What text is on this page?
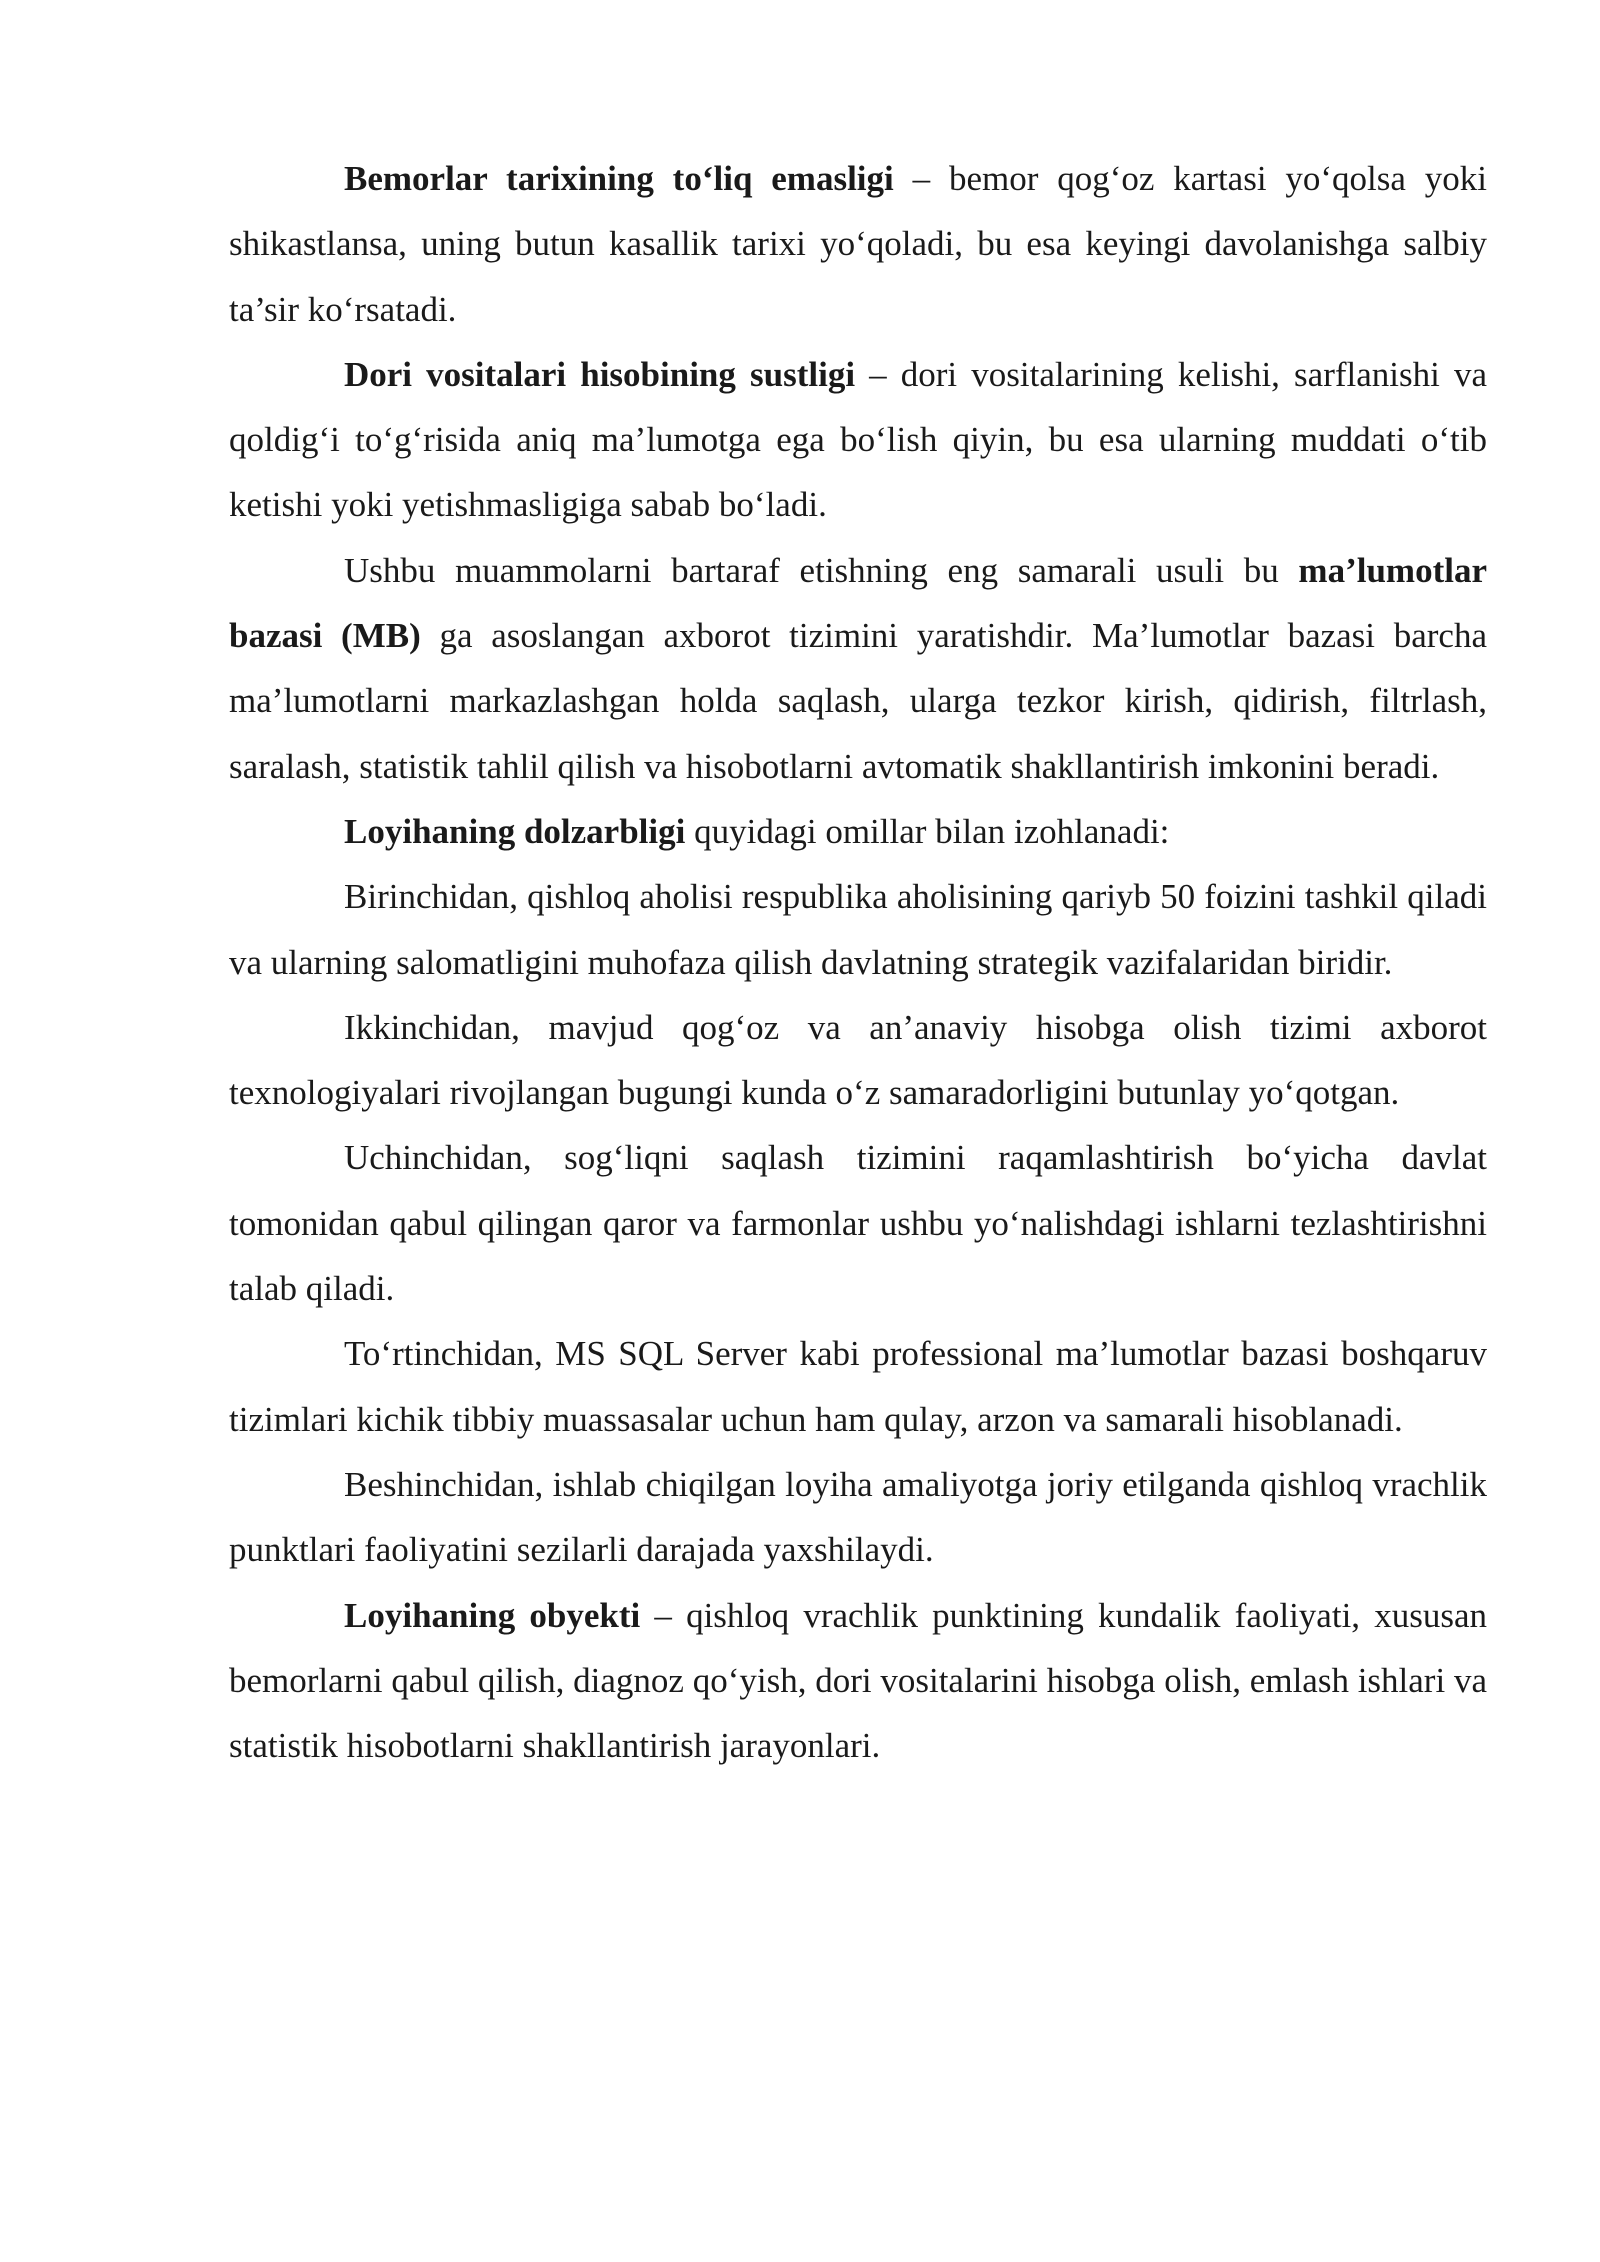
Bemorlar tarixining to‘liq emasligi – bemor qog‘oz kartasi yo‘qolsa yoki shikastlansa, uning butun kasallik tarixi yo‘qoladi, bu esa keyingi davolanishga salbiy ta’sir ko‘rsatadi.

Dori vositalari hisobining sustligi – dori vositalarining kelishi, sarflanishi va qoldig‘i to‘g‘risida aniq ma’lumotga ega bo‘lish qiyin, bu esa ularning muddati o‘tib ketishi yoki yetishmasligiga sabab bo‘ladi.

Ushbu muammolarni bartaraf etishning eng samarali usuli bu ma’lumotlar bazasi (MB) ga asoslangan axborot tizimini yaratishdir. Ma’lumotlar bazasi barcha ma’lumotlarni markazlashgan holda saqlash, ularga tezkor kirish, qidirish, filtrlash, saralash, statistik tahlil qilish va hisobotlarni avtomatik shakllantirish imkonini beradi.

Loyihaning dolzarbligi quyidagi omillar bilan izohlanadi:

Birinchidan, qishloq aholisi respublika aholisining qariyb 50 foizini tashkil qiladi va ularning salomatligini muhofaza qilish davlatning strategik vazifalaridan biridir.

Ikkinchidan, mavjud qog‘oz va an’anaviy hisobga olish tizimi axborot texnologiyalari rivojlangan bugungi kunda o‘z samaradorligini butunlay yo‘qotgan.

Uchinchidan, sog‘liqni saqlash tizimini raqamlashtirish bo‘yicha davlat tomonidan qabul qilingan qaror va farmonlar ushbu yo‘nalishdagi ishlarni tezlashtirishni talab qiladi.

To‘rtinchidan, MS SQL Server kabi professional ma’lumotlar bazasi boshqaruv tizimlari kichik tibbiy muassasalar uchun ham qulay, arzon va samarali hisoblanadi.

Beshinchidan, ishlab chiqilgan loyiha amaliyotga joriy etilganda qishloq vrachlik punktlari faoliyatini sezilarli darajada yaxshilaydi.

Loyihaning obyekti – qishloq vrachlik punktining kundalik faoliyati, xususan bemorlarni qabul qilish, diagnoz qo‘yish, dori vositalarini hisobga olish, emlash ishlari va statistik hisobotlarni shakllantirish jarayonlari.
